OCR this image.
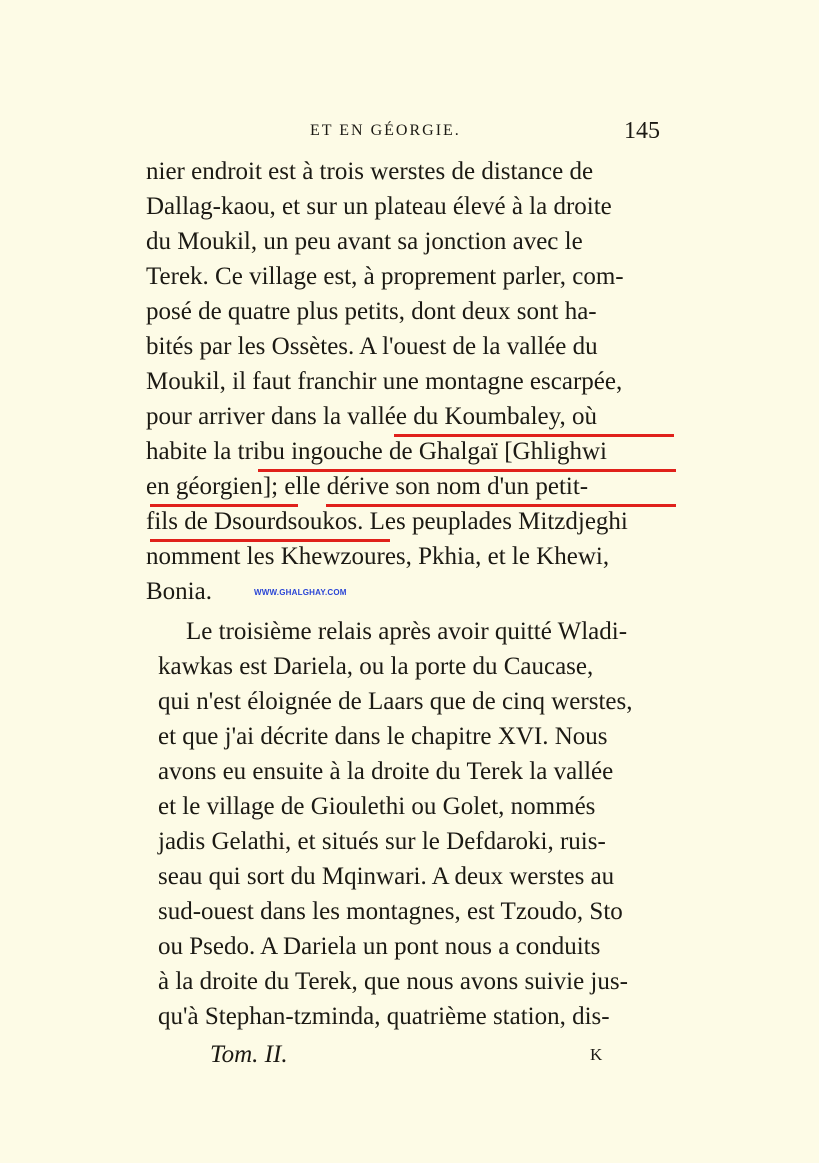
ET EN GÉORGIE.	145
nier endroit est à trois werstes de distance de
Dallag-kaou, et sur un plateau élevé à la droite
du Moukil, un peu avant sa jonction avec le
Terek. Ce village est, à proprement parler, com-
posé de quatre plus petits, dont deux sont ha-
bités par les Ossètes. A l'ouest de la vallée du
Moukil, il faut franchir une montagne escarpée,
pour arriver dans la vallée du Koumbaley, où
habite la tribu ingouche de Ghalgaï [Ghlighwi
en géorgien]; elle dérive son nom d'un petit-
fils de Dsourdsoukos. Les peuplades Mitzdjeghi
nomment les Khewzoures, Pkhia, et le Khewi,
Bonia.
Le troisième relais après avoir quitté Wladi-
kawkas est Dariela, ou la porte du Caucase,
qui n'est éloignée de Laars que de cinq werstes,
et que j'ai décrite dans le chapitre XVI. Nous
avons eu ensuite à la droite du Terek la vallée
et le village de Gioulethi ou Golet, nommés
jadis Gelathi, et situés sur le Defdaroki, ruis-
seau qui sort du Mqinwari. A deux werstes au
sud-ouest dans les montagnes, est Tzoudo, Sto
ou Psedo. A Dariela un pont nous a conduits
à la droite du Terek, que nous avons suivie jus-
qu'à Stephan-tzminda, quatrième station, dis-
WWW.GHALGHAY.COM
Tom. II.	K
